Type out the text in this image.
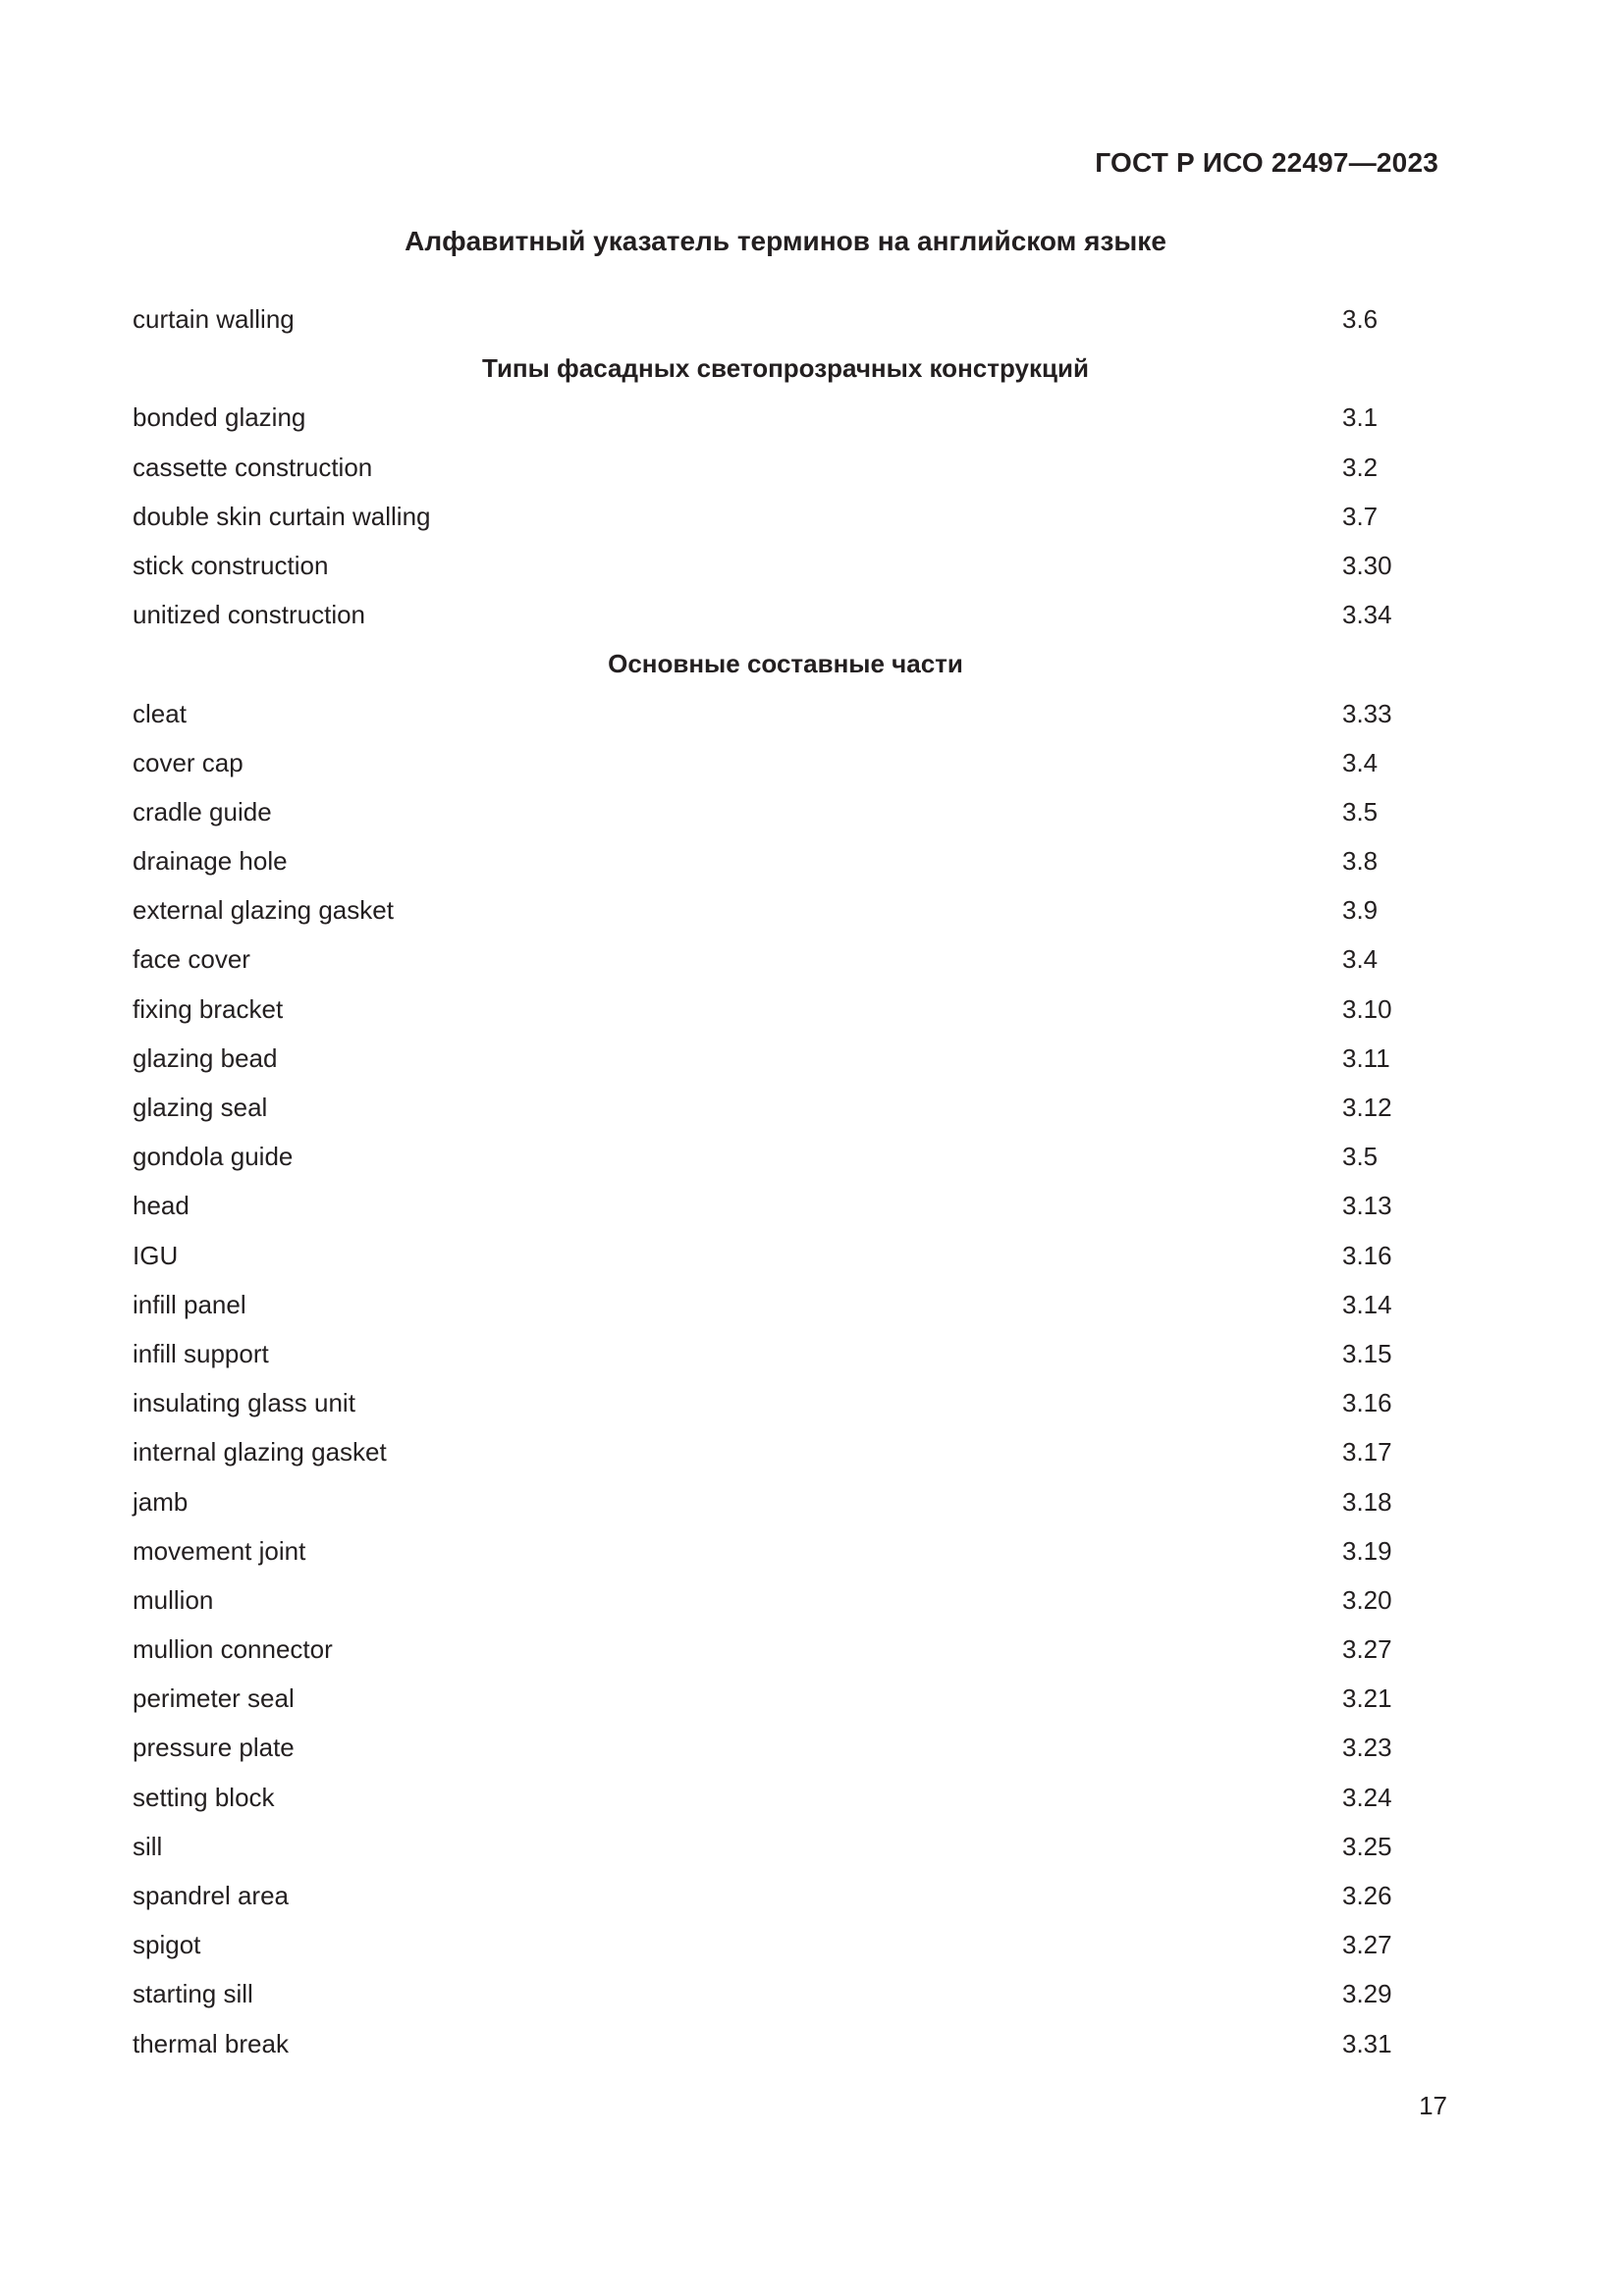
ГОСТ Р ИСО 22497—2023
Алфавитный указатель терминов на английском языке
curtain walling	3.6
Типы фасадных светопрозрачных конструкций
bonded glazing	3.1
cassette construction	3.2
double skin curtain walling	3.7
stick construction	3.30
unitized construction	3.34
Основные составные части
cleat	3.33
cover cap	3.4
cradle guide	3.5
drainage hole	3.8
external glazing gasket	3.9
face cover	3.4
fixing bracket	3.10
glazing bead	3.11
glazing seal	3.12
gondola guide	3.5
head	3.13
IGU	3.16
infill panel	3.14
infill support	3.15
insulating glass unit	3.16
internal glazing gasket	3.17
jamb	3.18
movement joint	3.19
mullion	3.20
mullion connector	3.27
perimeter seal	3.21
pressure plate	3.23
setting block	3.24
sill	3.25
spandrel area	3.26
spigot	3.27
starting sill	3.29
thermal break	3.31
17
